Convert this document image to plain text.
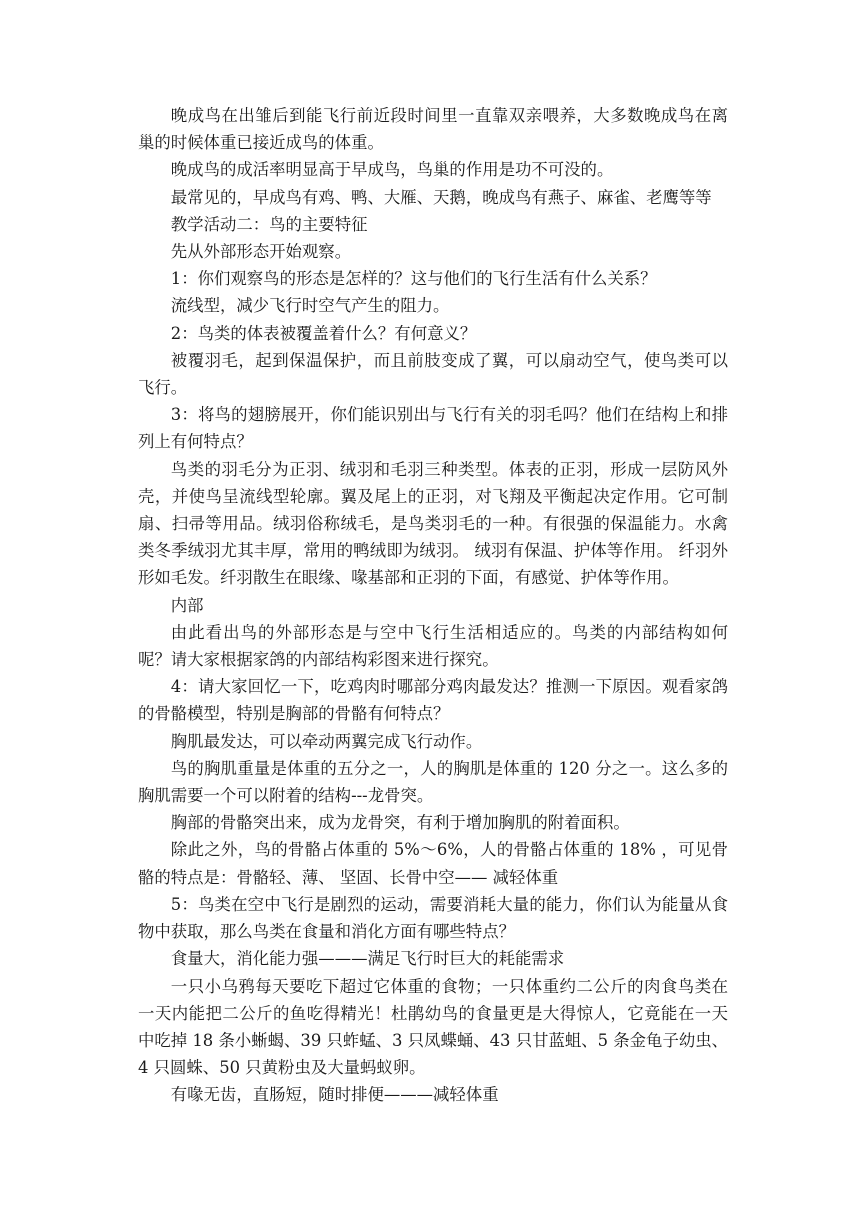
晚成鸟在出雏后到能飞行前近段时间里一直靠双亲喂养，大多数晚成鸟在离巢的时候体重已接近成鸟的体重。

晚成鸟的成活率明显高于早成鸟，鸟巢的作用是功不可没的。

最常见的，早成鸟有鸡、鸭、大雁、天鹅，晚成鸟有燕子、麻雀、老鹰等等

教学活动二：鸟的主要特征

先从外部形态开始观察。

1：你们观察鸟的形态是怎样的？这与他们的飞行生活有什么关系？

流线型，减少飞行时空气产生的阻力。

2：鸟类的体表被覆盖着什么？有何意义？

被覆羽毛，起到保温保护，而且前肢变成了翼，可以扇动空气，使鸟类可以飞行。

3：将鸟的翅膀展开，你们能识别出与飞行有关的羽毛吗？他们在结构上和排列上有何特点？

鸟类的羽毛分为正羽、绒羽和毛羽三种类型。体表的正羽，形成一层防风外壳，并使鸟呈流线型轮廓。翼及尾上的正羽，对飞翔及平衡起决定作用。它可制扇、扫帚等用品。绒羽俗称绒毛，是鸟类羽毛的一种。有很强的保温能力。水禽类冬季绒羽尤其丰厚，常用的鸭绒即为绒羽。 绒羽有保温、护体等作用。 纤羽外形如毛发。纤羽散生在眼缘、喙基部和正羽的下面，有感觉、护体等作用。

内部

由此看出鸟的外部形态是与空中飞行生活相适应的。鸟类的内部结构如何呢？请大家根据家鸽的内部结构彩图来进行探究。

4：请大家回忆一下，吃鸡肉时哪部分鸡肉最发达？推测一下原因。观看家鸽的骨骼模型，特别是胸部的骨骼有何特点？

胸肌最发达，可以牵动两翼完成飞行动作。

鸟的胸肌重量是体重的五分之一，人的胸肌是体重的 120 分之一。这么多的胸肌需要一个可以附着的结构---龙骨突。

胸部的骨骼突出来，成为龙骨突，有利于增加胸肌的附着面积。

除此之外，鸟的骨骼占体重的 5%～6%，人的骨骼占体重的 18% ，可见骨骼的特点是：骨骼轻、薄、 坚固、长骨中空—— 减轻体重

5：鸟类在空中飞行是剧烈的运动，需要消耗大量的能力，你们认为能量从食物中获取，那么鸟类在食量和消化方面有哪些特点？

食量大，消化能力强———满足飞行时巨大的耗能需求

一只小乌鸦每天要吃下超过它体重的食物；一只体重约二公斤的肉食鸟类在一天内能把二公斤的鱼吃得精光！杜鹃幼鸟的食量更是大得惊人，它竟能在一天中吃掉 18 条小蜥蝎、39 只蚱蜢、3 只凤蝶蛹、43 只甘蓝蛆、5 条金龟子幼虫、4 只圆蛛、50 只黄粉虫及大量蚂蚁卵。

有喙无齿，直肠短，随时排便———减轻体重
